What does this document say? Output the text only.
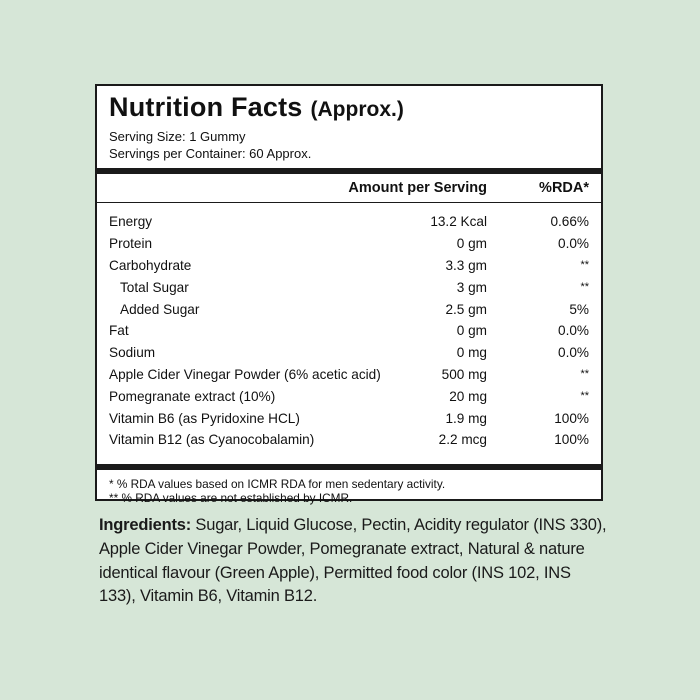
Nutrition Facts (Approx.)
Serving Size: 1 Gummy
Servings per Container: 60 Approx.
Amount per Serving	%RDA*
Energy	13.2 Kcal	0.66%
Protein	0 gm	0.0%
Carbohydrate	3.3 gm	**
Total Sugar	3 gm	**
Added Sugar	2.5 gm	5%
Fat	0 gm	0.0%
Sodium	0 mg	0.0%
Apple Cider Vinegar Powder (6% acetic acid)	500 mg	**
Pomegranate extract (10%)	20 mg	**
Vitamin B6 (as Pyridoxine HCL)	1.9 mg	100%
Vitamin B12 (as Cyanocobalamin)	2.2 mcg	100%
* % RDA values based on ICMR RDA for men sedentary activity.
** % RDA values are not established by ICMR.
Ingredients: Sugar, Liquid Glucose, Pectin, Acidity regulator (INS 330), Apple Cider Vinegar Powder, Pomegranate extract, Natural & nature identical flavour (Green Apple), Permitted food color (INS 102, INS 133), Vitamin B6, Vitamin B12.
